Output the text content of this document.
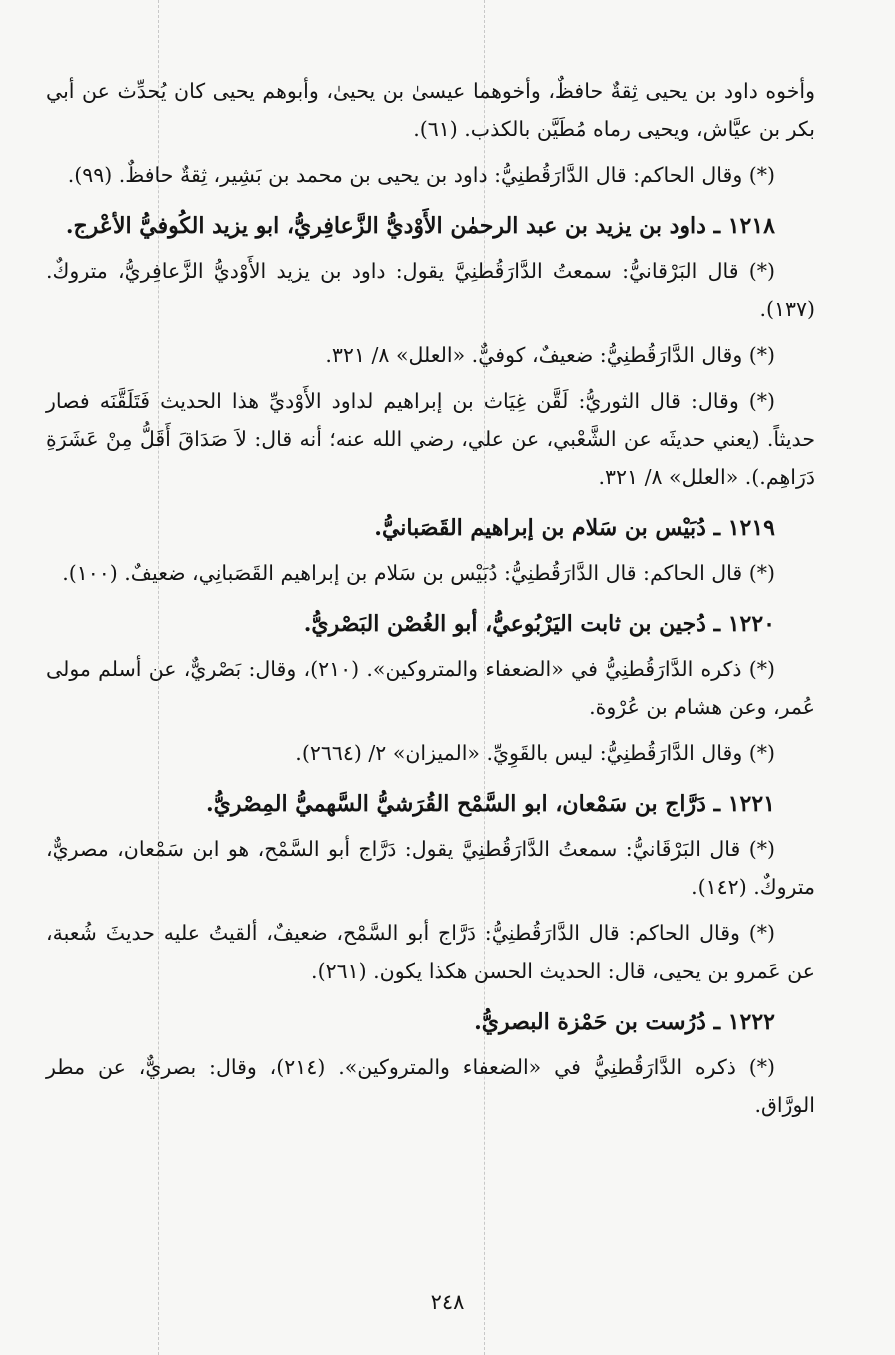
وأخوه داود بن يحيى ثِقةٌ حافظٌ، وأخوهما عيسىٰ بن يحيىٰ، وأبوهم يحيى كان يُحدِّث عن أبي بكر بن عيَّاش، ويحيى رماه مُطَيَّن بالكذب. (٦١).

(*) وقال الحاكم: قال الدَّارَقُطنِيُّ: داود بن يحيى بن محمد بن بَشِير، ثِقةٌ حافظٌ. (٩٩).

١٢١٨ ـ داود بن يزيد بن عبد الرحمٰن الأَوْديُّ الزَّعافِريُّ، ابو يزيد الكُوفيُّ الأعْرج.

(*) قال البَرْقانيُّ: سمعتُ الدَّارَقُطنِيَّ يقول: داود بن يزيد الأَوْديُّ الزَّعافِريُّ، متروكٌ. (١٣٧).

(*) وقال الدَّارَقُطنِيُّ: ضعيفٌ، كوفيٌّ. «العلل» ٨/ ٣٢١.

(*) وقال: قال الثوريُّ: لَقَّن غِيَاث بن إبراهيم لداود الأَوْديِّ هذا الحديث فَتَلَقَّنَه فصار حديثاً. (يعني حديثَه عن الشَّعْبي، عن علي، رضي الله عنه؛ أنه قال: لاَ صَدَاقَ أَقَلُّ مِنْ عَشَرَةِ دَرَاهِم.). «العلل» ٨/ ٣٢١.

١٢١٩ ـ دُبَيْس بن سَلام بن إبراهيم القَصَبانيُّ.

(*) قال الحاكم: قال الدَّارَقُطنِيُّ: دُبَيْس بن سَلام بن إبراهيم القَصَبانِي، ضعيفٌ. (١٠٠).

١٢٢٠ ـ دُجين بن ثابت اليَرْبُوعيُّ، أبو الغُصْن البَصْريُّ.

(*) ذكره الدَّارَقُطنِيُّ في «الضعفاء والمتروكين». (٢١٠)، وقال: بَصْريٌّ، عن أسلم مولى عُمر، وعن هشام بن عُرْوة.

(*) وقال الدَّارَقُطنِيُّ: ليس بالقَوِيِّ. «الميزان» ٢/ (٢٦٦٤).

١٢٢١ ـ دَرَّاج بن سَمْعان، ابو السَّمْح القُرَشيُّ السَّهميُّ المِصْريُّ.

(*) قال البَرْقَانيُّ: سمعتُ الدَّارَقُطنِيَّ يقول: دَرَّاج أبو السَّمْح، هو ابن سَمْعان، مصريٌّ، متروكٌ. (١٤٢).

(*) وقال الحاكم: قال الدَّارَقُطنِيُّ: دَرَّاج أبو السَّمْح، ضعيفٌ، ألقيتُ عليه حديثَ شُعبة، عن عَمرو بن يحيى، قال: الحديث الحسن هكذا يكون. (٢٦١).

١٢٢٢ ـ دُرُست بن حَمْزة البصريُّ.

(*) ذكره الدَّارَقُطنِيُّ في «الضعفاء والمتروكين». (٢١٤)، وقال: بصريٌّ، عن مطر الورَّاق.

٢٤٨
